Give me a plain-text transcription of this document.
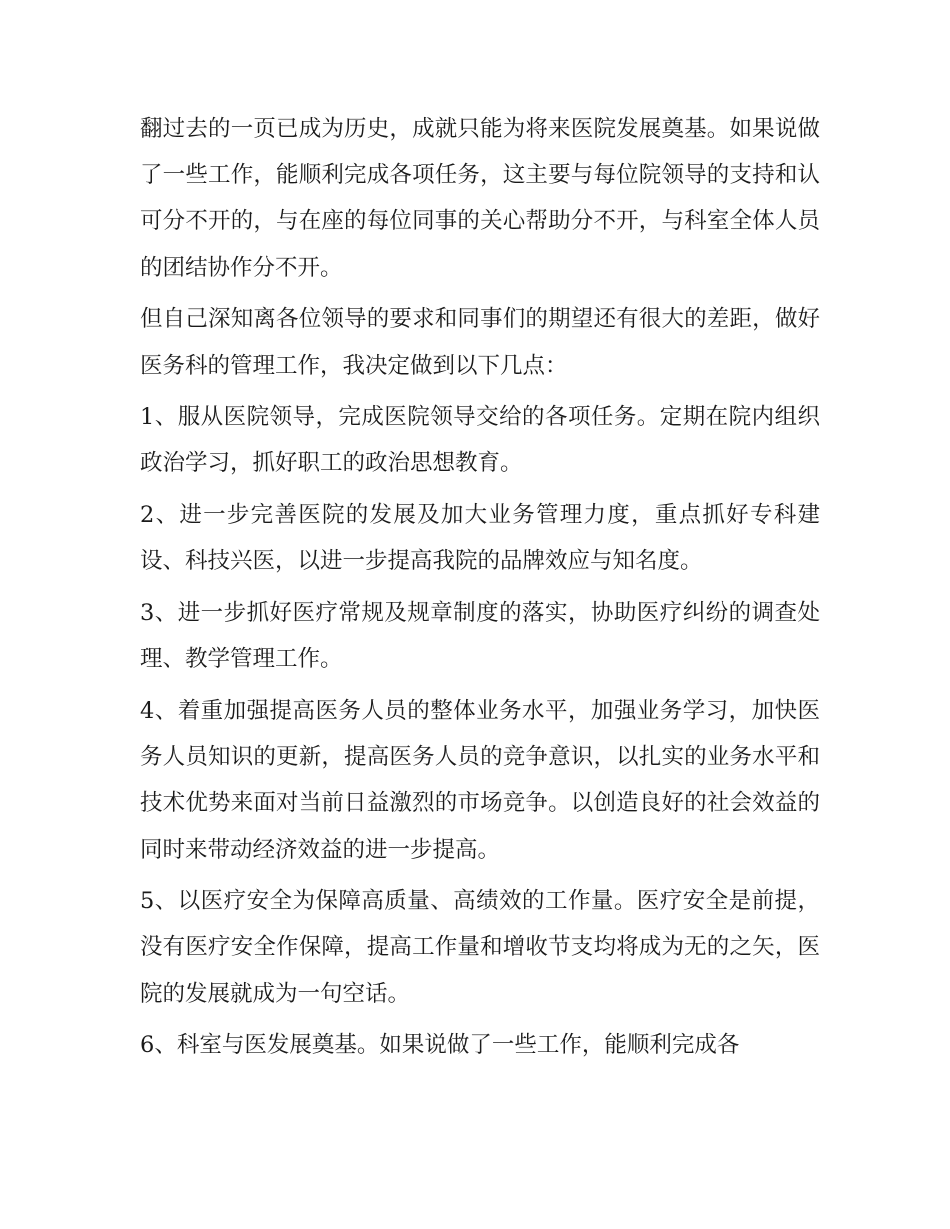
翻过去的一页已成为历史，成就只能为将来医院发展奠基。如果说做了一些工作，能顺利完成各项任务，这主要与每位院领导的支持和认可分不开的，与在座的每位同事的关心帮助分不开，与科室全体人员的团结协作分不开。

但自己深知离各位领导的要求和同事们的期望还有很大的差距，做好医务科的管理工作，我决定做到以下几点：

1、服从医院领导，完成医院领导交给的各项任务。定期在院内组织政治学习，抓好职工的政治思想教育。

2、进一步完善医院的发展及加大业务管理力度，重点抓好专科建设、科技兴医，以进一步提高我院的品牌效应与知名度。

3、进一步抓好医疗常规及规章制度的落实，协助医疗纠纷的调查处理、教学管理工作。

4、着重加强提高医务人员的整体业务水平，加强业务学习，加快医务人员知识的更新，提高医务人员的竞争意识，以扎实的业务水平和技术优势来面对当前日益激烈的市场竞争。以创造良好的社会效益的同时来带动经济效益的进一步提高。

5、以医疗安全为保障高质量、高绩效的工作量。医疗安全是前提，没有医疗安全作保障，提高工作量和增收节支均将成为无的之矢，医院的发展就成为一句空话。

6、科室与医发展奠基。如果说做了一些工作，能顺利完成各
